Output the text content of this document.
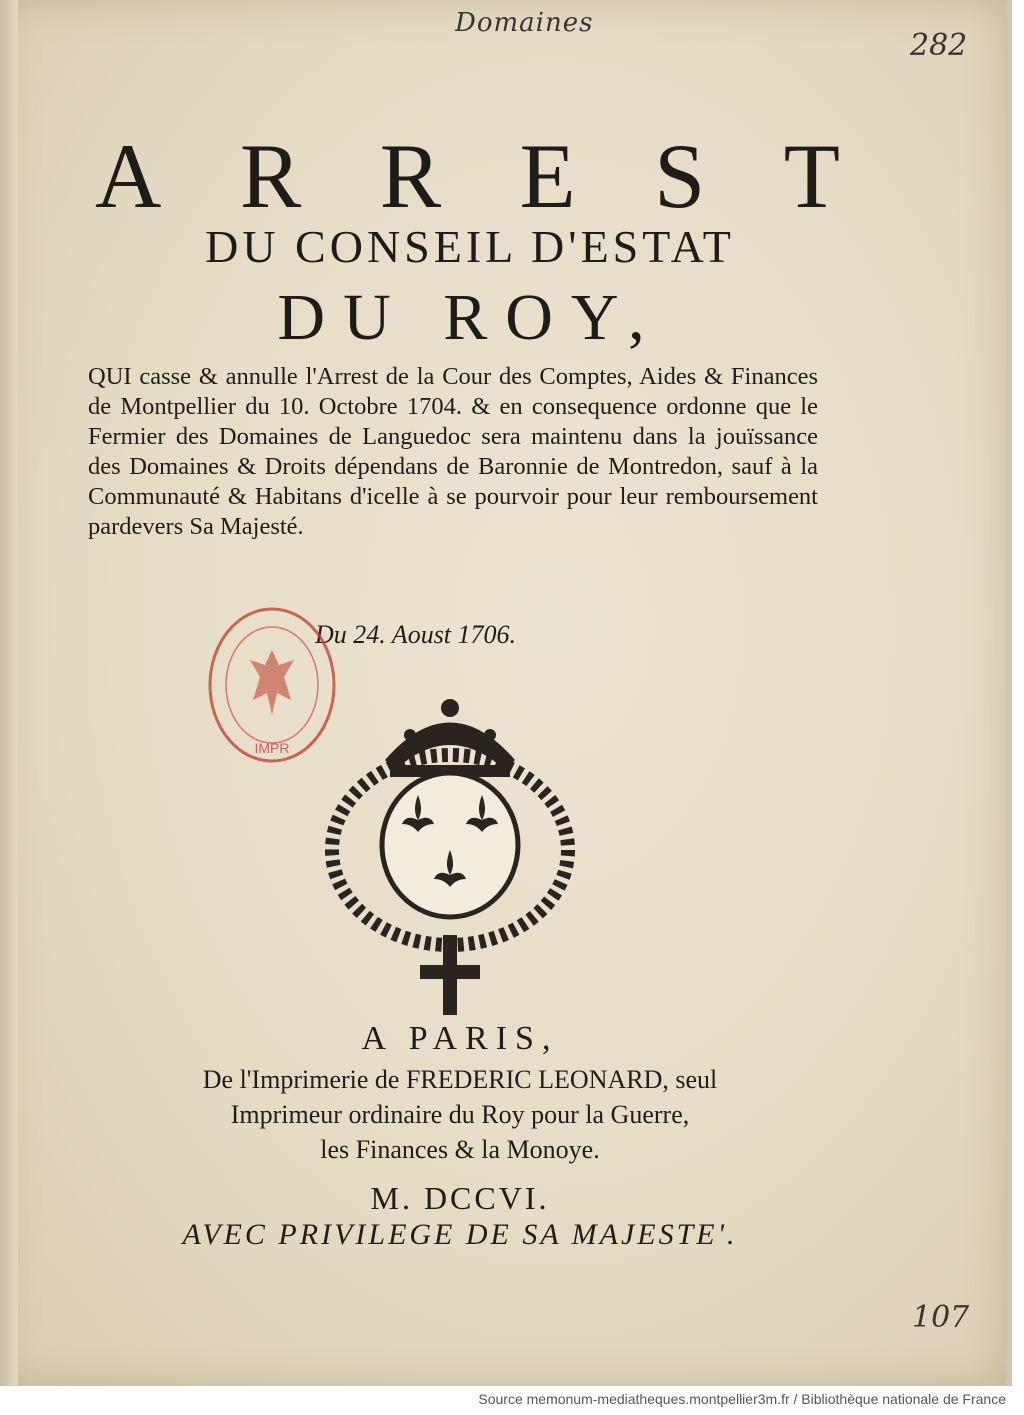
Domaines
282
107
A R R E S T
DU CONSEIL D'ESTAT
DU ROY,
QUI casse & annulle l'Arrest de la Cour des Comptes, Aides & Finances de Montpellier du 10. Octobre 1704. & en consequence ordonne que le Fermier des Domaines de Languedoc sera maintenu dans la jouïssance des Domaines & Droits dépendans de Baronnie de Montredon, sauf à la Communauté & Habitans d'icelle à se pourvoir pour leur remboursement pardevers Sa Majesté.
Du 24. Aoust 1706.
IMPR
A PARIS,
De l'Imprimerie de FREDERIC LEONARD, seul
Imprimeur ordinaire du Roy pour la Guerre,
les Finances & la Monoye.
M. DCCVI.
AVEC PRIVILEGE DE SA MAJESTE'.
Source memonum-mediatheques.montpellier3m.fr / Bibliothèque nationale de France
